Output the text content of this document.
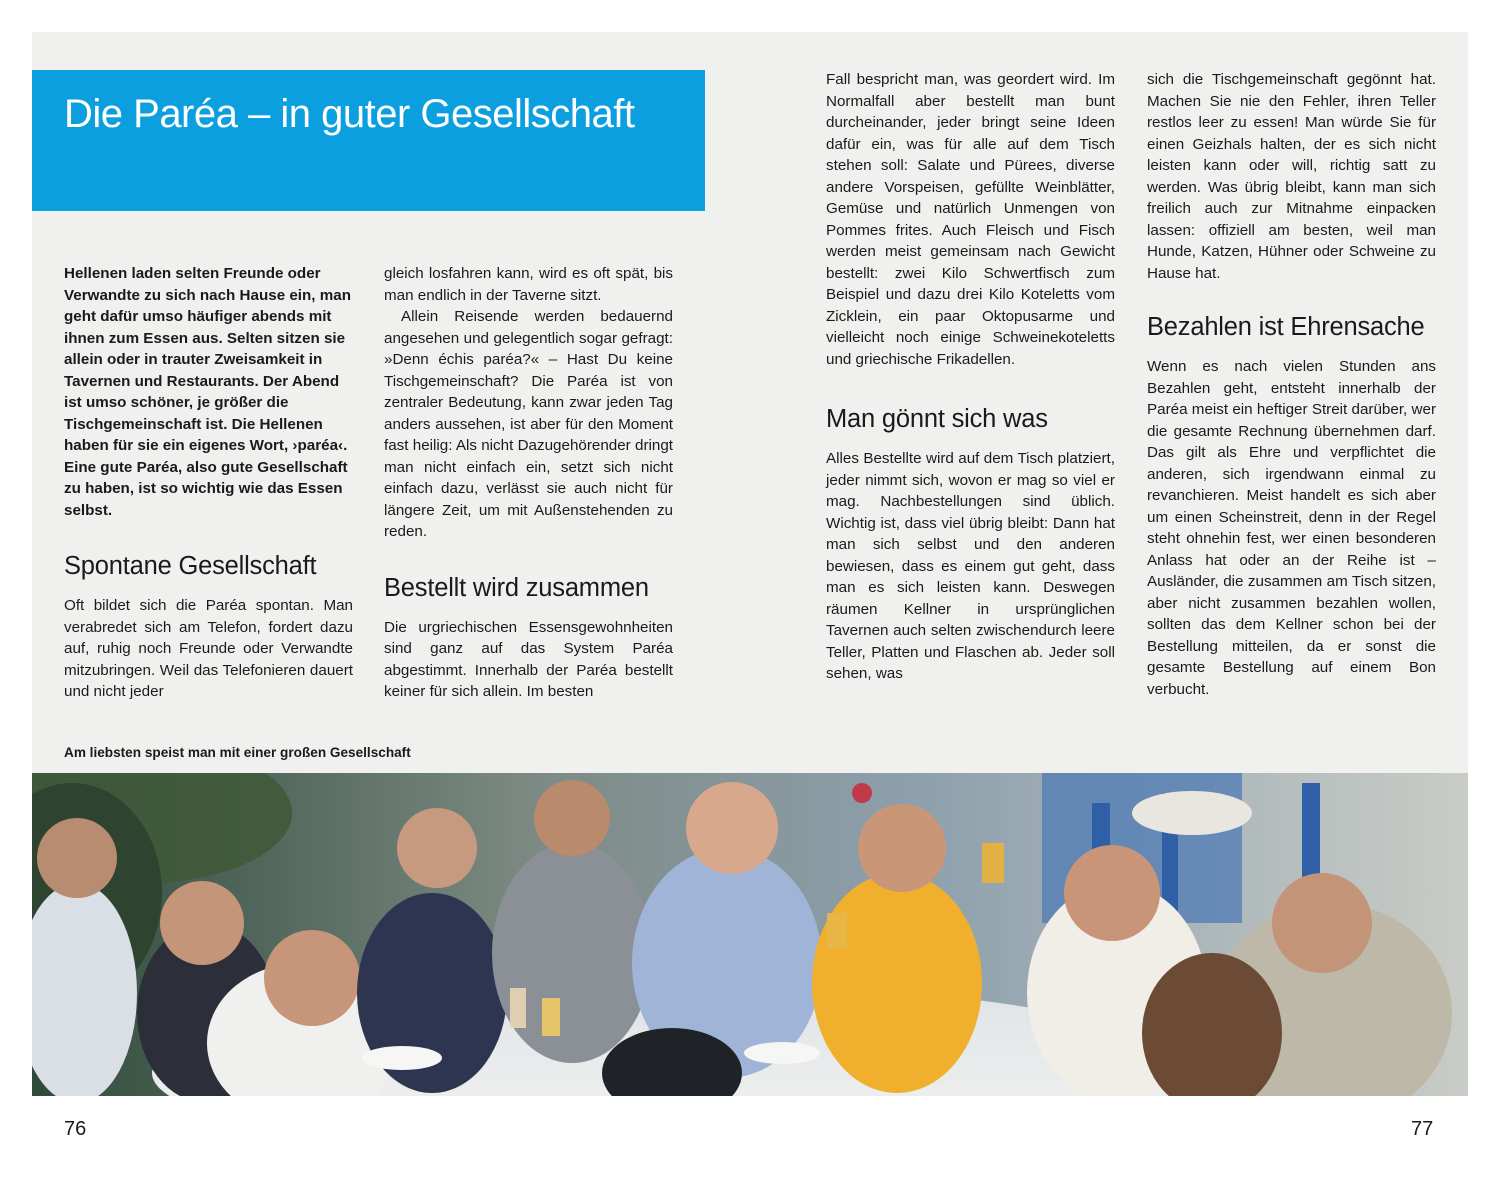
Die Paréa – in guter Gesellschaft

Hellenen laden selten Freunde oder Verwandte zu sich nach Hause ein, man geht dafür umso häufiger abends mit ihnen zum Essen aus. Selten sitzen sie allein oder in trauter Zweisamkeit in Tavernen und Restaurants. Der Abend ist umso schöner, je größer die Tischgemeinschaft ist. Die Hellenen haben für sie ein eigenes Wort, ›paréa‹. Eine gute Paréa, also gute Gesellschaft zu haben, ist so wichtig wie das Essen selbst.

Spontane Gesellschaft

Oft bildet sich die Paréa spontan. Man verabredet sich am Telefon, fordert dazu auf, ruhig noch Freunde oder Verwandte mitzubringen. Weil das Telefonieren dauert und nicht jeder

gleich losfahren kann, wird es oft spät, bis man endlich in der Taverne sitzt.

Allein Reisende werden bedauernd angesehen und gelegentlich sogar gefragt: »Denn échis paréa?« – Hast Du keine Tischgemeinschaft? Die Paréa ist von zentraler Bedeutung, kann zwar jeden Tag anders aussehen, ist aber für den Moment fast heilig: Als nicht Dazugehörender dringt man nicht einfach ein, setzt sich nicht einfach dazu, verlässt sie auch nicht für längere Zeit, um mit Außenstehenden zu reden.

Bestellt wird zusammen

Die urgriechischen Essensgewohnheiten sind ganz auf das System Paréa abgestimmt. Innerhalb der Paréa bestellt keiner für sich allein. Im besten

Fall bespricht man, was geordert wird. Im Normalfall aber bestellt man bunt durcheinander, jeder bringt seine Ideen dafür ein, was für alle auf dem Tisch stehen soll: Salate und Pürees, diverse andere Vorspeisen, gefüllte Weinblätter, Gemüse und natürlich Unmengen von Pommes frites. Auch Fleisch und Fisch werden meist gemeinsam nach Gewicht bestellt: zwei Kilo Schwertfisch zum Beispiel und dazu drei Kilo Koteletts vom Zicklein, ein paar Oktopusarme und vielleicht noch einige Schweinekoteletts und griechische Frikadellen.

Man gönnt sich was

Alles Bestellte wird auf dem Tisch platziert, jeder nimmt sich, wovon er mag so viel er mag. Nachbestellungen sind üblich. Wichtig ist, dass viel übrig bleibt: Dann hat man sich selbst und den anderen bewiesen, dass es einem gut geht, dass man es sich leisten kann. Deswegen räumen Kellner in ursprünglichen Tavernen auch selten zwischendurch leere Teller, Platten und Flaschen ab. Jeder soll sehen, was

sich die Tischgemeinschaft gegönnt hat. Machen Sie nie den Fehler, ihren Teller restlos leer zu essen! Man würde Sie für einen Geizhals halten, der es sich nicht leisten kann oder will, richtig satt zu werden. Was übrig bleibt, kann man sich freilich auch zur Mitnahme einpacken lassen: offiziell am besten, weil man Hunde, Katzen, Hühner oder Schweine zu Hause hat.

Bezahlen ist Ehrensache

Wenn es nach vielen Stunden ans Bezahlen geht, entsteht innerhalb der Paréa meist ein heftiger Streit darüber, wer die gesamte Rechnung übernehmen darf. Das gilt als Ehre und verpflichtet die anderen, sich irgendwann einmal zu revanchieren. Meist handelt es sich aber um einen Scheinstreit, denn in der Regel steht ohnehin fest, wer einen besonderen Anlass hat oder an der Reihe ist – Ausländer, die zusammen am Tisch sitzen, aber nicht zusammen bezahlen wollen, sollten das dem Kellner schon bei der Bestellung mitteilen, da er sonst die gesamte Bestellung auf einem Bon verbucht.

Am liebsten speist man mit einer großen Gesellschaft
76	77
